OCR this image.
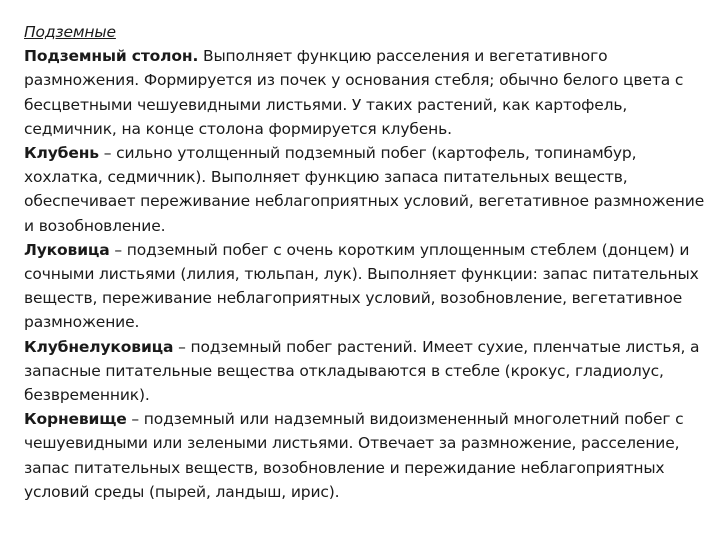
Подземные
Подземный столон. Выполняет функцию расселения и вегетативного размножения. Формируется из почек у основания стебля; обычно белого цвета с бесцветными чешуевидными листьями. У таких растений, как картофель, седмичник, на конце столона формируется клубень.
Клубень – сильно утолщенный подземный побег (картофель, топинамбур, хохлатка, седмичник). Выполняет функцию запаса питательных веществ, обеспечивает переживание неблагоприятных условий, вегетативное размножение и возобновление.
Луковица – подземный побег с очень коротким уплощенным стеблем (донцем) и сочными листьями (лилия, тюльпан, лук). Выполняет функции: запас питательных веществ, переживание неблагоприятных условий, возобновление, вегетативное размножение.
Клубнелуковица – подземный побег растений. Имеет сухие, пленчатые листья, а запасные питательные вещества откладываются в стебле (крокус, гладиолус, безвременник).
Корневище – подземный или надземный видоизмененный многолетний побег с чешуевидными или зелеными листьями. Отвечает за размножение, расселение, запас питательных веществ, возобновление и пережидание неблагоприятных условий среды (пырей, ландыш, ирис).
